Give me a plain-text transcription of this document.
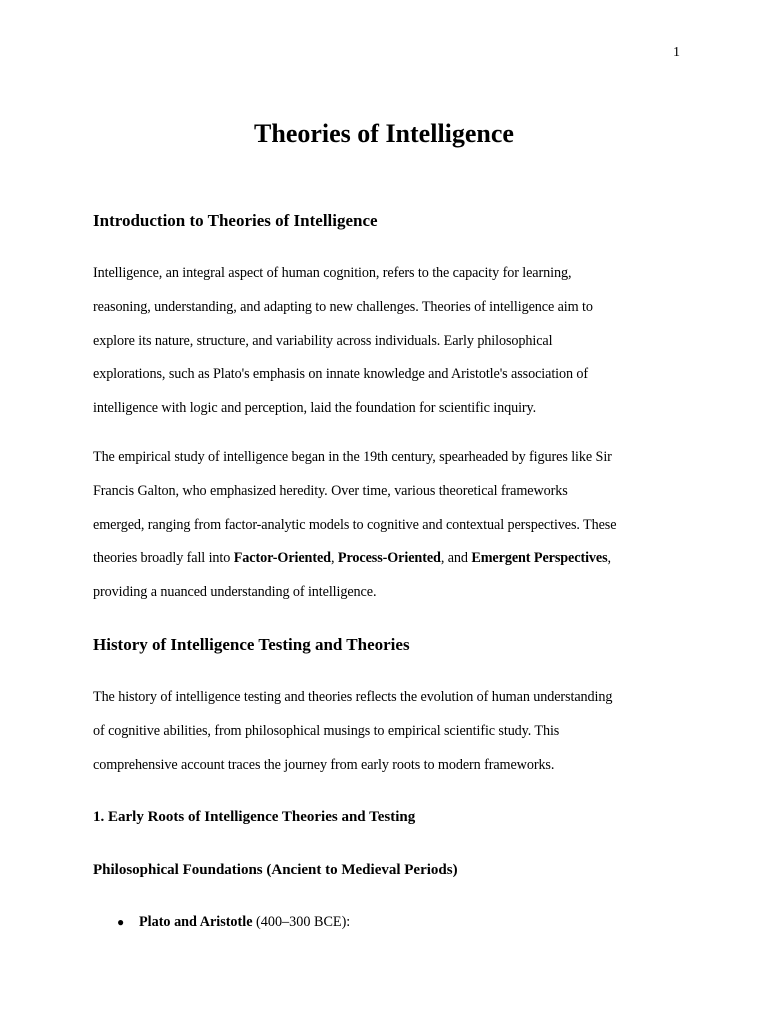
1
Theories of Intelligence
Introduction to Theories of Intelligence

Intelligence, an integral aspect of human cognition, refers to the capacity for learning,
reasoning, understanding, and adapting to new challenges. Theories of intelligence aim to
explore its nature, structure, and variability across individuals. Early philosophical
explorations, such as Plato's emphasis on innate knowledge and Aristotle's association of
intelligence with logic and perception, laid the foundation for scientific inquiry.

The empirical study of intelligence began in the 19th century, spearheaded by figures like Sir
Francis Galton, who emphasized heredity. Over time, various theoretical frameworks
emerged, ranging from factor-analytic models to cognitive and contextual perspectives. These
theories broadly fall into Factor-Oriented, Process-Oriented, and Emergent Perspectives,
providing a nuanced understanding of intelligence.

History of Intelligence Testing and Theories

The history of intelligence testing and theories reflects the evolution of human understanding
of cognitive abilities, from philosophical musings to empirical scientific study. This
comprehensive account traces the journey from early roots to modern frameworks.

1. Early Roots of Intelligence Theories and Testing
Philosophical Foundations (Ancient to Medieval Periods)
● Plato and Aristotle (400–300 BCE):
